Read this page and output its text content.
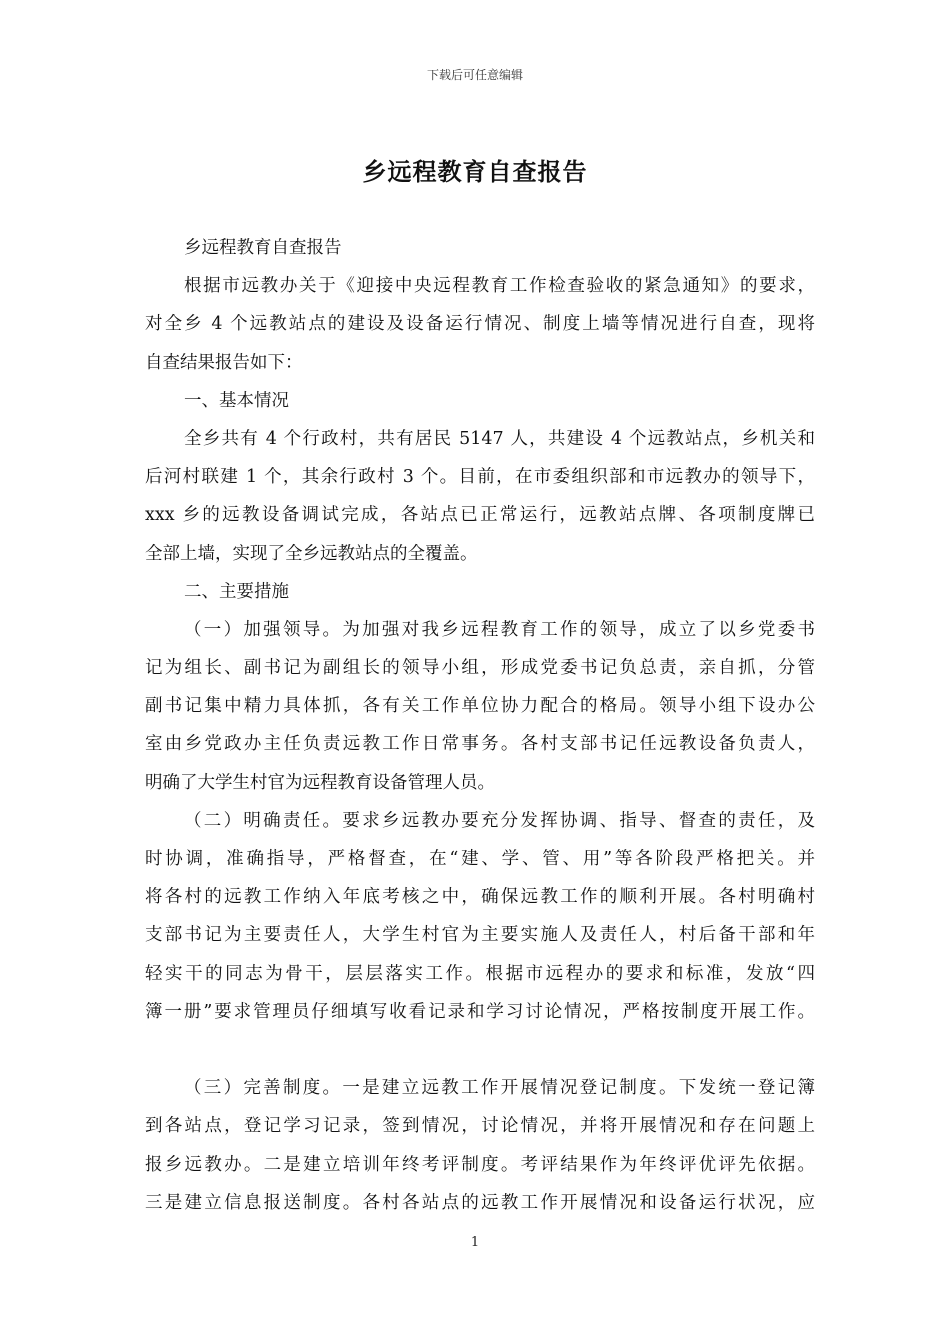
下载后可任意编辑
乡远程教育自查报告
乡远程教育自查报告
根据市远教办关于《迎接中央远程教育工作检查验收的紧急通知》的要求，
对全乡 4 个远教站点的建设及设备运行情况、制度上墙等情况进行自查，现将
自查结果报告如下：
一、基本情况
全乡共有 4 个行政村，共有居民 5147 人，共建设 4 个远教站点，乡机关和
后河村联建 1 个，其余行政村 3 个。目前，在市委组织部和市远教办的领导下，
xxx 乡的远教设备调试完成，各站点已正常运行，远教站点牌、各项制度牌已
全部上墙，实现了全乡远教站点的全覆盖。
二、主要措施
（一）加强领导。为加强对我乡远程教育工作的领导，成立了以乡党委书
记为组长、副书记为副组长的领导小组，形成党委书记负总责，亲自抓，分管
副书记集中精力具体抓，各有关工作单位协力配合的格局。领导小组下设办公
室由乡党政办主任负责远教工作日常事务。各村支部书记任远教设备负责人，
明确了大学生村官为远程教育设备管理人员。
（二）明确责任。要求乡远教办要充分发挥协调、指导、督查的责任，及
时协调，准确指导，严格督查，在“建、学、管、用”等各阶段严格把关。并
将各村的远教工作纳入年底考核之中，确保远教工作的顺利开展。各村明确村
支部书记为主要责任人，大学生村官为主要实施人及责任人，村后备干部和年
轻实干的同志为骨干，层层落实工作。根据市远程办的要求和标准，发放“四
簿一册”要求管理员仔细填写收看记录和学习讨论情况，严格按制度开展工作。
（三）完善制度。一是建立远教工作开展情况登记制度。下发统一登记簿
到各站点，登记学习记录，签到情况，讨论情况，并将开展情况和存在问题上
报乡远教办。二是建立培训年终考评制度。考评结果作为年终评优评先依据。
三是建立信息报送制度。各村各站点的远教工作开展情况和设备运行状况，应
1
